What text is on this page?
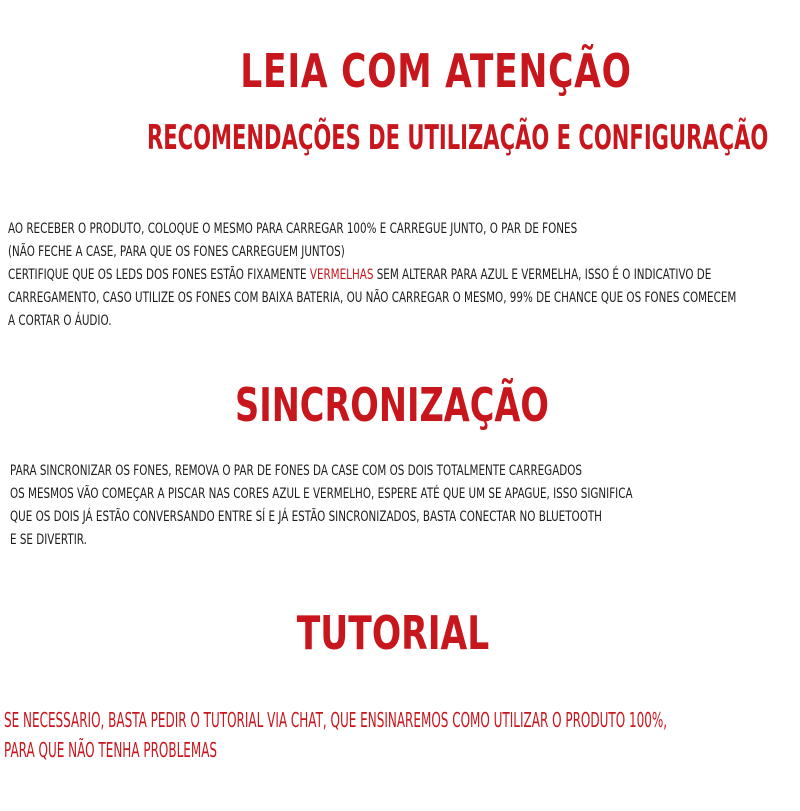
LEIA COM ATENÇÃO
RECOMENDAÇÕES DE UTILIZAÇÃO E CONFIGURAÇÃO
AO RECEBER O PRODUTO, COLOQUE O MESMO PARA CARREGAR 100% E CARREGUE JUNTO, O PAR DE FONES
(NÃO FECHE A CASE, PARA QUE OS FONES CARREGUEM JUNTOS)
CERTIFIQUE QUE OS LEDS DOS FONES ESTÃO FIXAMENTE VERMELHAS SEM ALTERAR PARA AZUL E VERMELHA, ISSO É O INDICATIVO DE
CARREGAMENTO, CASO UTILIZE OS FONES COM BAIXA BATERIA, OU NÃO CARREGAR O MESMO, 99% DE CHANCE QUE OS FONES COMECEM
A CORTAR O ÁUDIO.
SINCRONIZAÇÃO
PARA SINCRONIZAR OS FONES, REMOVA O PAR DE FONES DA CASE COM OS DOIS TOTALMENTE CARREGADOS
OS MESMOS VÃO COMEÇAR A PISCAR NAS CORES AZUL E VERMELHO, ESPERE ATÉ QUE UM SE APAGUE, ISSO SIGNIFICA
QUE OS DOIS JÁ ESTÃO CONVERSANDO ENTRE SÍ E JÁ ESTÃO SINCRONIZADOS, BASTA CONECTAR NO BLUETOOTH
E SE DIVERTIR.
TUTORIAL
SE NECESSARIO, BASTA PEDIR O TUTORIAL VIA CHAT, QUE ENSINAREMOS COMO UTILIZAR O PRODUTO 100%,
PARA QUE NÃO TENHA PROBLEMAS
